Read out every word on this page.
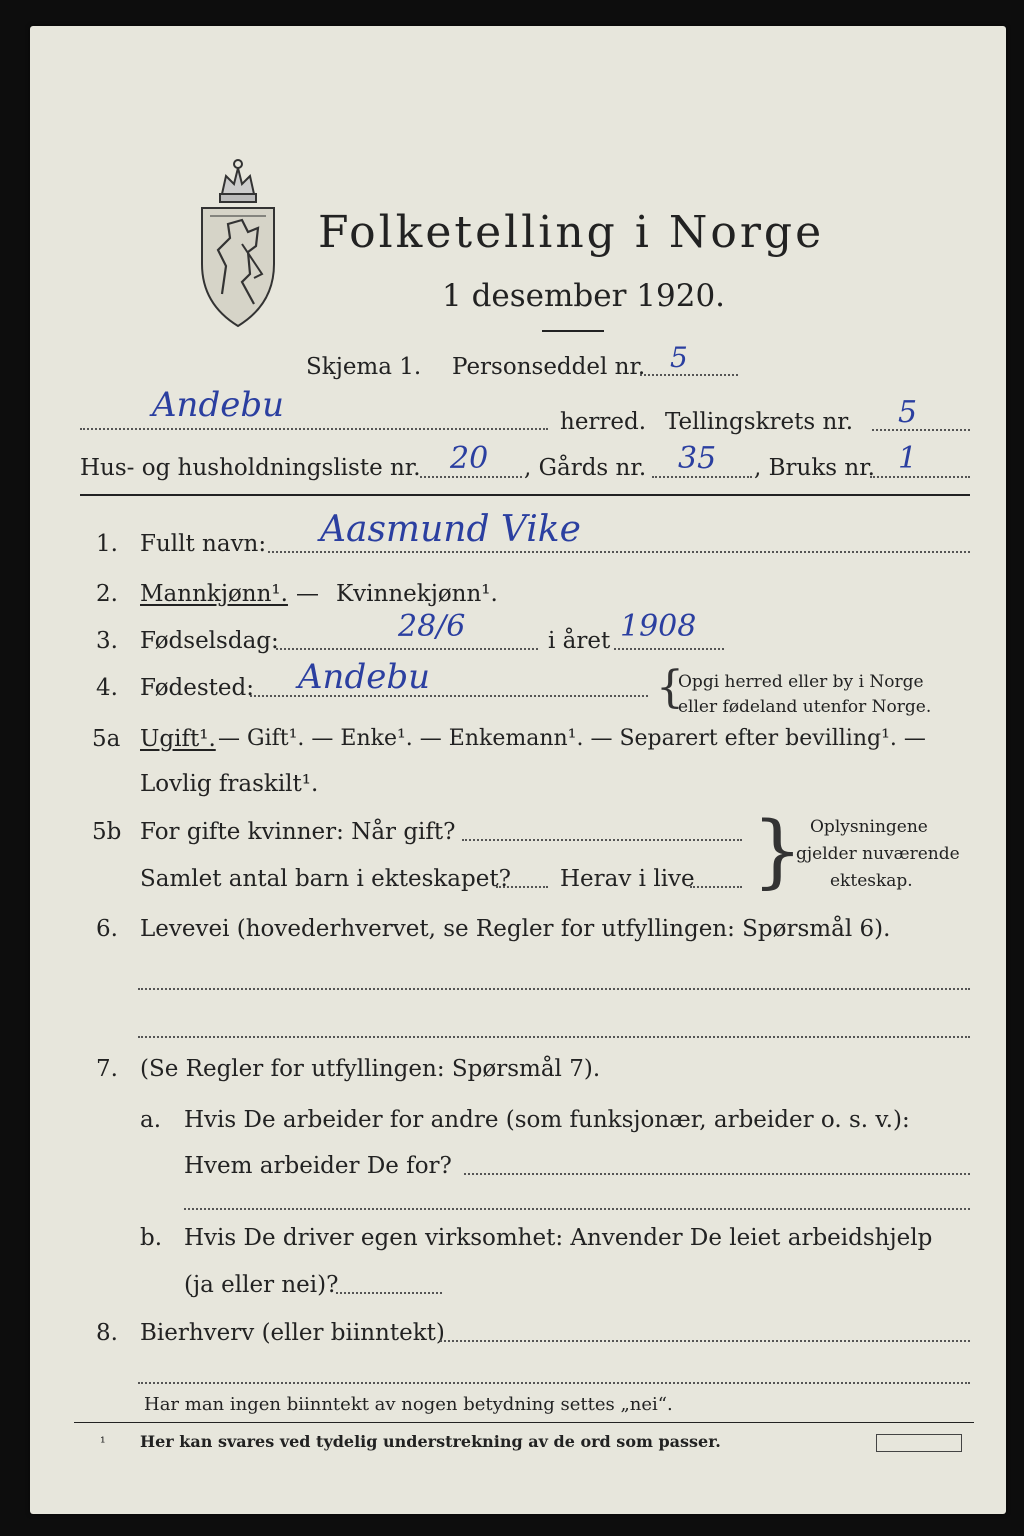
Folketelling i Norge
1 desember 1920.
Skjema 1. Personseddel nr. 5
Andebu	herred. Tellingskrets nr. 5
Hus- og husholdningsliste nr. 20 , Gårds nr. 35 , Bruks nr. 1
1. Fullt navn: Aasmund Vike
2. Mannkjønn¹. — Kvinnekjønn¹.
3. Fødselsdag:	28/6	i året 1908
4. Fødested: Andebu	{
Opgi herred eller by i Norge
eller fødeland utenfor Norge.
5a Ugift¹. — Gift¹. — Enke¹. — Enkemann¹. — Separert efter bevilling¹. —
Lovlig fraskilt¹.
5b For gifte kvinner: Når gift?
Samlet antal barn i ekteskapet? Herav i live } Oplysningene
gjelder nuværende
ekteskap.
6. Levevei (hovederhvervet, se Regler for utfyllingen: Spørsmål 6).
7. (Se Regler for utfyllingen: Spørsmål 7).
a. Hvis De arbeider for andre (som funksjonær, arbeider o. s. v.):
Hvem arbeider De for?
b. Hvis De driver egen virksomhet: Anvender De leiet arbeidshjelp
(ja eller nei)?
8. Bierhverv (eller biinntekt)
Har man ingen biinntekt av nogen betydning settes „nei“.
¹ Her kan svares ved tydelig understrekning av de ord som passer.
